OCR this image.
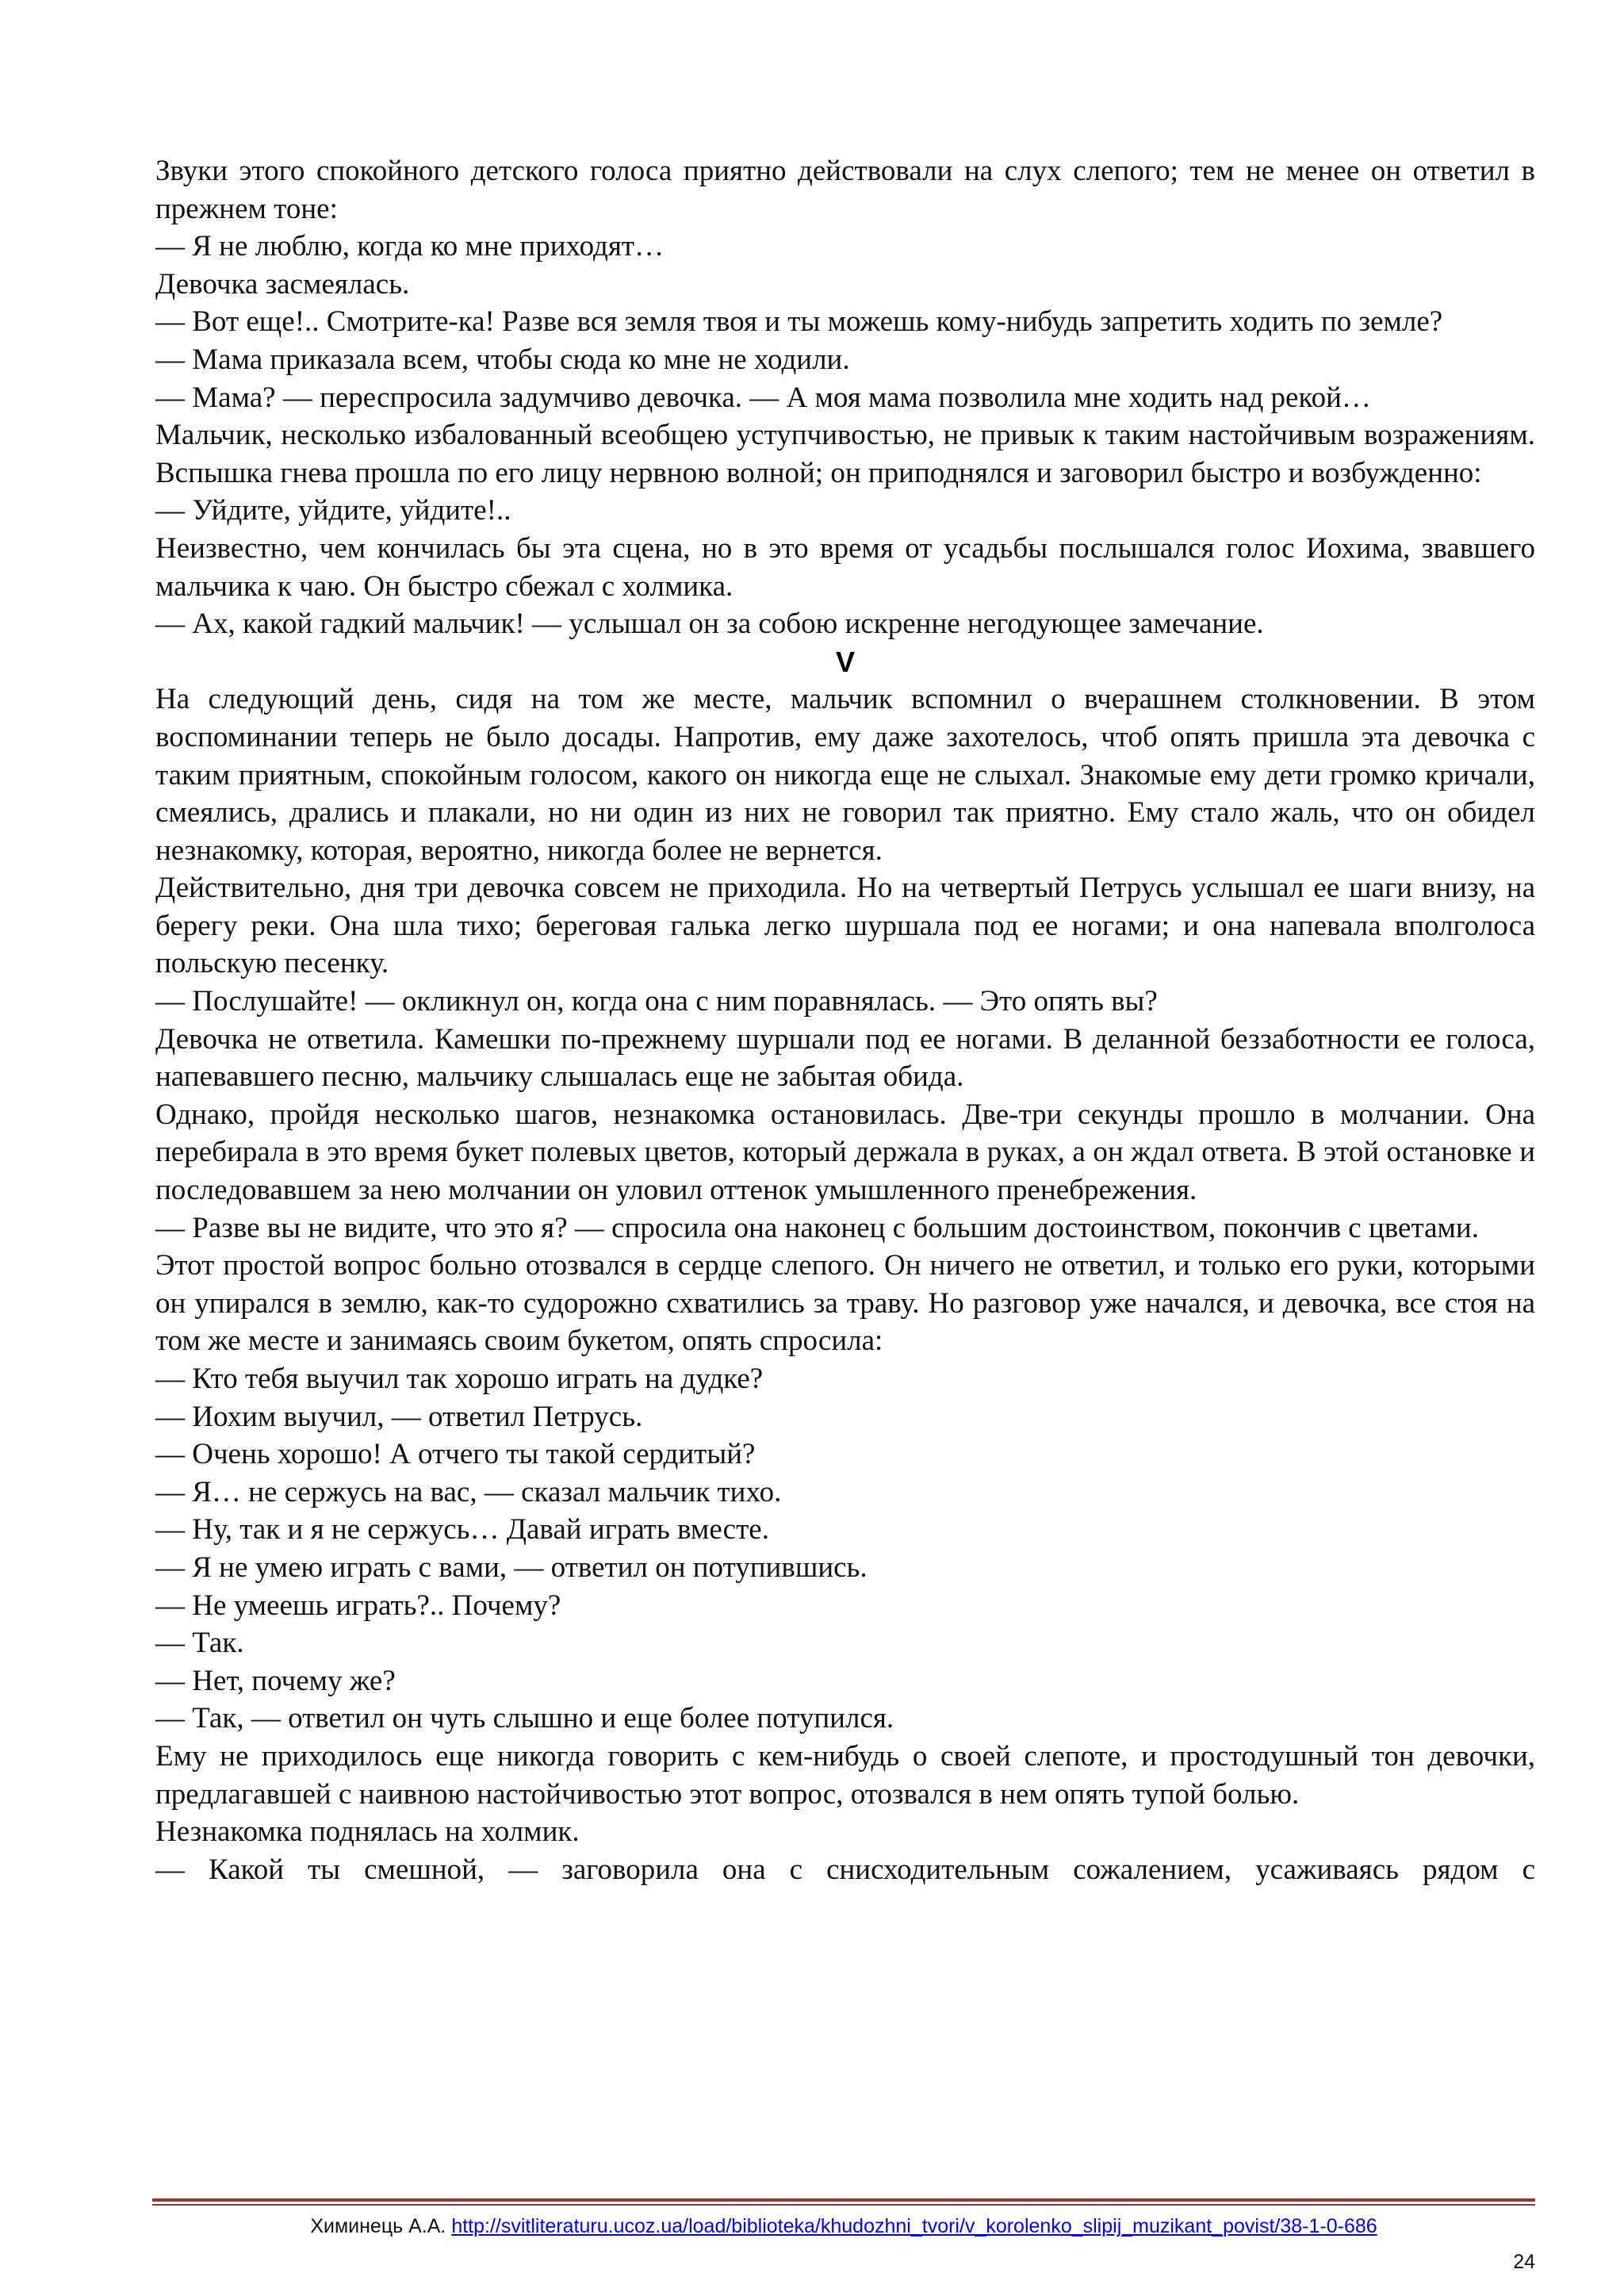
Звуки этого спокойного детского голоса приятно действовали на слух слепого; тем не менее он ответил в прежнем тоне:

— Я не люблю, когда ко мне приходят…

Девочка засмеялась.

— Вот еще!.. Смотрите-ка! Разве вся земля твоя и ты можешь кому-нибудь запретить ходить по земле?

— Мама приказала всем, чтобы сюда ко мне не ходили.

— Мама? — переспросила задумчиво девочка. — А моя мама позволила мне ходить над рекой…

Мальчик, несколько избалованный всеобщею уступчивостью, не привык к таким настойчивым возражениям. Вспышка гнева прошла по его лицу нервною волной; он приподнялся и заговорил быстро и возбужденно:

— Уйдите, уйдите, уйдите!..

Неизвестно, чем кончилась бы эта сцена, но в это время от усадьбы послышался голос Иохима, звавшего мальчика к чаю. Он быстро сбежал с холмика.

— Ах, какой гадкий мальчик! — услышал он за собою искренне негодующее замечание.

V

На следующий день, сидя на том же месте, мальчик вспомнил о вчерашнем столкновении. В этом воспоминании теперь не было досады. Напротив, ему даже захотелось, чтоб опять пришла эта девочка с таким приятным, спокойным голосом, какого он никогда еще не слыхал. Знакомые ему дети громко кричали, смеялись, дрались и плакали, но ни один из них не говорил так приятно. Ему стало жаль, что он обидел незнакомку, которая, вероятно, никогда более не вернется.

Действительно, дня три девочка совсем не приходила. Но на четвертый Петрусь услышал ее шаги внизу, на берегу реки. Она шла тихо; береговая галька легко шуршала под ее ногами; и она напевала вполголоса польскую песенку.

— Послушайте! — окликнул он, когда она с ним поравнялась. — Это опять вы?

Девочка не ответила. Камешки по-прежнему шуршали под ее ногами. В деланной беззаботности ее голоса, напевавшего песню, мальчику слышалась еще не забытая обида.

Однако, пройдя несколько шагов, незнакомка остановилась. Две-три секунды прошло в молчании. Она перебирала в это время букет полевых цветов, который держала в руках, а он ждал ответа. В этой остановке и последовавшем за нею молчании он уловил оттенок умышленного пренебрежения.

— Разве вы не видите, что это я? — спросила она наконец с большим достоинством, покончив с цветами.

Этот простой вопрос больно отозвался в сердце слепого. Он ничего не ответил, и только его руки, которыми он упирался в землю, как-то судорожно схватились за траву. Но разговор уже начался, и девочка, все стоя на том же месте и занимаясь своим букетом, опять спросила:

— Кто тебя выучил так хорошо играть на дудке?

— Иохим выучил, — ответил Петрусь.

— Очень хорошо! А отчего ты такой сердитый?

— Я… не сержусь на вас, — сказал мальчик тихо.

— Ну, так и я не сержусь… Давай играть вместе.

— Я не умею играть с вами, — ответил он потупившись.

— Не умеешь играть?.. Почему?

— Так.

— Нет, почему же?

— Так, — ответил он чуть слышно и еще более потупился.

Ему не приходилось еще никогда говорить с кем-нибудь о своей слепоте, и простодушный тон девочки, предлагавшей с наивною настойчивостью этот вопрос, отозвался в нем опять тупой болью.

Незнакомка поднялась на холмик.

— Какой ты смешной, — заговорила она с снисходительным сожалением, усаживаясь рядом с

Химинець А.А. http://svitliteraturu.ucoz.ua/load/biblioteka/khudozhni_tvori/v_korolenko_slipij_muzikant_povist/38-1-0-686
24
